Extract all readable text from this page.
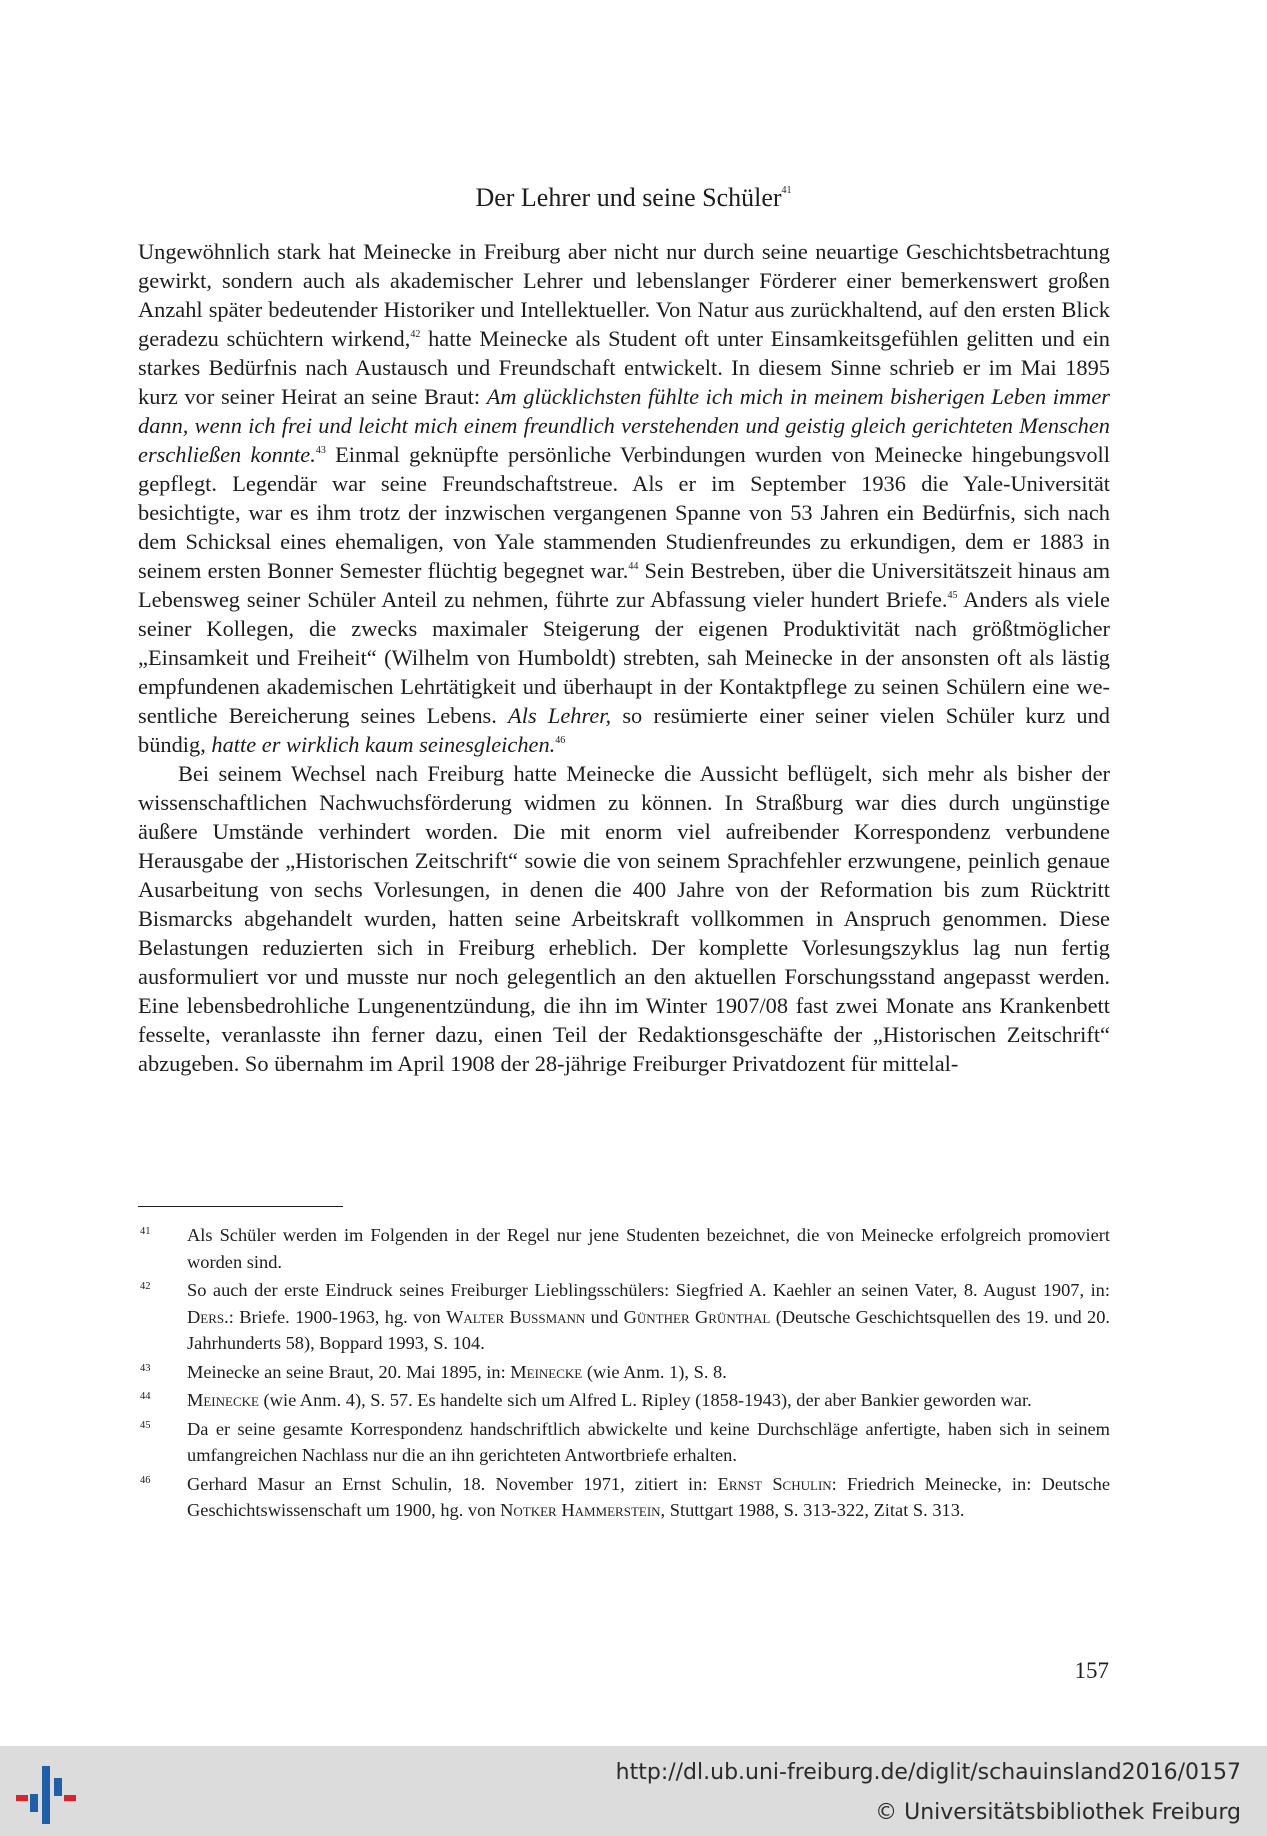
Der Lehrer und seine Schüler$^{41}$

Ungewöhnlich stark hat Meinecke in Freiburg aber nicht nur durch seine neuartige Geschichtsbetrachtung gewirkt, sondern auch als akademischer Lehrer und lebenslanger Förderer einer bemerkenswert großen Anzahl später bedeutender Historiker und Intellektueller. Von Natur aus zurückhaltend, auf den ersten Blick geradezu schüchtern wirkend,$^{42}$ hatte Meinecke als Student oft unter Einsamkeitsgefühlen gelitten und ein starkes Bedürfnis nach Austausch und Freundschaft entwickelt. In diesem Sinne schrieb er im Mai 1895 kurz vor seiner Heirat an seine Braut: Am glücklichsten fühlte ich mich in meinem bisherigen Leben immer dann, wenn ich frei und leicht mich einem freundlich verstehenden und geistig gleich gerichteten Menschen erschließen konnte.$^{43}$ Einmal geknüpfte persönliche Verbindungen wurden von Meinecke hingebungsvoll gepflegt. Legendär war seine Freundschaftstreue. Als er im September 1936 die Yale-Universität besichtigte, war es ihm trotz der inzwischen vergangenen Spanne von 53 Jahren ein Bedürfnis, sich nach dem Schicksal eines ehemaligen, von Yale stammenden Studienfreundes zu erkundigen, dem er 1883 in seinem ersten Bonner Semester flüchtig begegnet war.$^{44}$ Sein Bestreben, über die Universitätszeit hinaus am Lebensweg seiner Schüler Anteil zu nehmen, führte zur Abfassung vieler hundert Briefe.$^{45}$ Anders als viele seiner Kollegen, die zwecks maximaler Steigerung der eigenen Produktivität nach größtmöglicher „Einsamkeit und Freiheit“ (Wilhelm von Humboldt) strebten, sah Meinecke in der ansonsten oft als lästig empfundenen akademischen Lehrtätigkeit und überhaupt in der Kontaktpflege zu seinen Schülern eine wesentliche Bereicherung seines Lebens. Als Lehrer, so resümierte einer seiner vielen Schüler kurz und bündig, hatte er wirklich kaum seinesgleichen.$^{46}$

Bei seinem Wechsel nach Freiburg hatte Meinecke die Aussicht beflügelt, sich mehr als bisher der wissenschaftlichen Nachwuchsförderung widmen zu können. In Straßburg war dies durch ungünstige äußere Umstände verhindert worden. Die mit enorm viel aufreibender Korrespondenz verbundene Herausgabe der „Historischen Zeitschrift“ sowie die von seinem Sprachfehler erzwungene, peinlich genaue Ausarbeitung von sechs Vorlesungen, in denen die 400 Jahre von der Reformation bis zum Rücktritt Bismarcks abgehandelt wurden, hatten seine Arbeitskraft vollkommen in Anspruch genommen. Diese Belastungen reduzierten sich in Freiburg erheblich. Der komplette Vorlesungszyklus lag nun fertig ausformuliert vor und musste nur noch gelegentlich an den aktuellen Forschungsstand angepasst werden. Eine lebensbedrohliche Lungenentzündung, die ihn im Winter 1907/08 fast zwei Monate ans Krankenbett fesselte, veranlasste ihn ferner dazu, einen Teil der Redaktionsgeschäfte der „Historischen Zeitschrift“ abzugeben. So übernahm im April 1908 der 28-jährige Freiburger Privatdozent für mittelal-

41	Als Schüler werden im Folgenden in der Regel nur jene Studenten bezeichnet, die von Meinecke erfolgreich promoviert worden sind.
42	So auch der erste Eindruck seines Freiburger Lieblingsschülers: Siegfried A. Kaehler an seinen Vater, 8. August 1907, in: Ders.: Briefe. 1900-1963, hg. von Walter Bussmann und Günther Grünthal (Deutsche Geschichtsquellen des 19. und 20. Jahrhunderts 58), Boppard 1993, S. 104.
43	Meinecke an seine Braut, 20. Mai 1895, in: Meinecke (wie Anm. 1), S. 8.
44	Meinecke (wie Anm. 4), S. 57. Es handelte sich um Alfred L. Ripley (1858-1943), der aber Bankier geworden war.
45	Da er seine gesamte Korrespondenz handschriftlich abwickelte und keine Durchschläge anfertigte, haben sich in seinem umfangreichen Nachlass nur die an ihn gerichteten Antwortbriefe erhalten.
46	Gerhard Masur an Ernst Schulin, 18. November 1971, zitiert in: Ernst Schulin: Friedrich Meinecke, in: Deutsche Geschichtswissenschaft um 1900, hg. von Notker Hammerstein, Stuttgart 1988, S. 313-322, Zitat S. 313.
157
http://dl.ub.uni-freiburg.de/diglit/schauinsland2016/0157
© Universitätsbibliothek Freiburg
